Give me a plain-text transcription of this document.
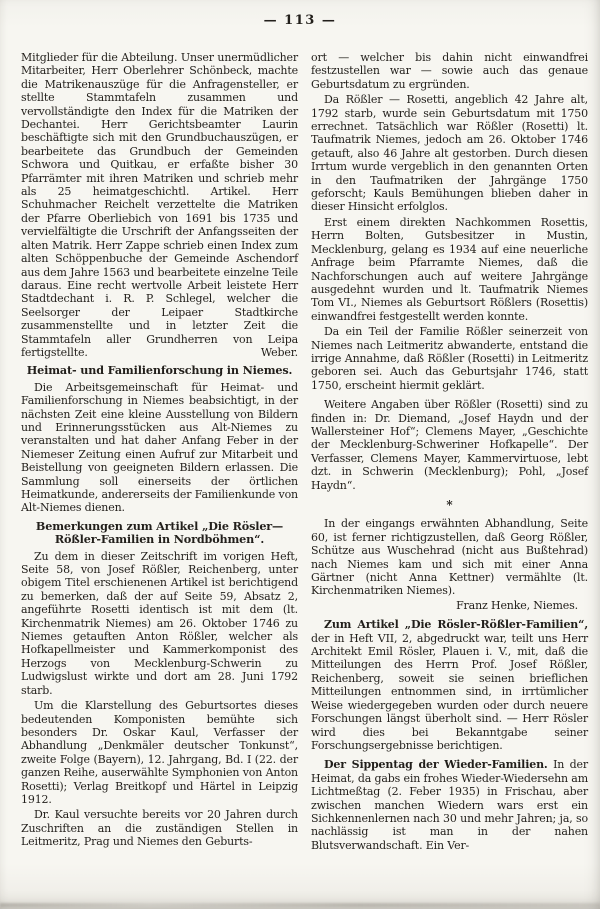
— 113 —

Mitglieder für die Abteilung. Unser unermüdlicher Mitarbeiter, Herr Oberlehrer Schönbeck, machte die Matrikenauszüge für die Anfragensteller, er stellte Stammtafeln zusammen und vervollständigte den Index für die Matriken der Dechantei. Herr Gerichtsbeamter Laurin beschäftigte sich mit den Grundbuchauszügen, er bearbeitete das Grundbuch der Gemeinden Schwora und Quitkau, er erfaßte bisher 30 Pfarrämter mit ihren Matriken und schrieb mehr als 25 heimatgeschichtl. Artikel. Herr Schuhmacher Reichelt verzettelte die Matriken der Pfarre Oberliebich von 1691 bis 1735 und vervielfältigte die Urschrift der Anfangsseiten der alten Matrik. Herr Zappe schrieb einen Index zum alten Schöppenbuche der Gemeinde Aschendorf aus dem Jahre 1563 und bearbeitete einzelne Teile daraus. Eine recht wertvolle Arbeit leistete Herr Stadtdechant i. R. P. Schlegel, welcher die Seelsorger der Leipaer Stadtkirche zusammenstellte und in letzter Zeit die Stammtafeln aller Grundherren von Leipa fertigstellte.	Weber.

Heimat- und Familienforschung in Niemes.

Die Arbeitsgemeinschaft für Heimat- und Familienforschung in Niemes beabsichtigt, in der nächsten Zeit eine kleine Ausstellung von Bildern und Erinnerungsstücken aus Alt-Niemes zu veranstalten und hat daher Anfang Feber in der Niemeser Zeitung einen Aufruf zur Mitarbeit und Beistellung von geeigneten Bildern erlassen. Die Sammlung soll einerseits der örtlichen Heimatkunde, andererseits der Familienkunde von Alt-Niemes dienen.

Bemerkungen zum Artikel „Die Rösler—
Rößler-Familien in Nordböhmen“.

Zu dem in dieser Zeitschrift im vorigen Heft, Seite 58, von Josef Rößler, Reichenberg, unter obigem Titel erschienenen Artikel ist berichtigend zu bemerken, daß der auf Seite 59, Absatz 2, angeführte Rosetti identisch ist mit dem (lt. Kirchenmatrik Niemes) am 26. Oktober 1746 zu Niemes getauften Anton Rößler, welcher als Hofkapellmeister und Kammerkomponist des Herzogs von Mecklenburg-Schwerin zu Ludwigslust wirkte und dort am 28. Juni 1792 starb.

Um die Klarstellung des Geburtsortes dieses bedeutenden Komponisten bemühte sich besonders Dr. Oskar Kaul, Verfasser der Abhandlung „Denkmäler deutscher Tonkunst“, zweite Folge (Bayern), 12. Jahrgang, Bd. I (22. der ganzen Reihe, auserwählte Symphonien von Anton Rosetti); Verlag Breitkopf und Härtel in Leipzig 1912.

Dr. Kaul versuchte bereits vor 20 Jahren durch Zuschriften an die zuständigen Stellen in Leitmeritz, Prag und Niemes den Geburts-

ort — welcher bis dahin nicht einwandfrei festzustellen war — sowie auch das genaue Geburtsdatum zu ergründen.

Da Rößler — Rosetti, angeblich 42 Jahre alt, 1792 starb, wurde sein Geburtsdatum mit 1750 errechnet. Tatsächlich war Rößler (Rosetti) lt. Taufmatrik Niemes, jedoch am 26. Oktober 1746 getauft, also 46 Jahre alt gestorben. Durch diesen Irrtum wurde vergeblich in den genannten Orten in den Taufmatriken der Jahrgänge 1750 geforscht; Kauls Bemühungen blieben daher in dieser Hinsicht erfolglos.

Erst einem direkten Nachkommen Rosettis, Herrn Bolten, Gutsbesitzer in Mustin, Mecklenburg, gelang es 1934 auf eine neuerliche Anfrage beim Pfarramte Niemes, daß die Nachforschungen auch auf weitere Jahrgänge ausgedehnt wurden und lt. Taufmatrik Niemes Tom VI., Niemes als Geburtsort Rößlers (Rosettis) einwandfrei festgestellt werden konnte.

Da ein Teil der Familie Rößler seinerzeit von Niemes nach Leitmeritz abwanderte, entstand die irrige Annahme, daß Rößler (Rosetti) in Leitmeritz geboren sei. Auch das Geburtsjahr 1746, statt 1750, erscheint hiermit geklärt.

Weitere Angaben über Rößler (Rosetti) sind zu finden in: Dr. Diemand, „Josef Haydn und der Wallersteiner Hof“; Clemens Mayer, „Geschichte der Mecklenburg-Schweriner Hofkapelle“. Der Verfasser, Clemens Mayer, Kammervirtuose, lebt dzt. in Schwerin (Mecklenburg); Pohl, „Josef Haydn“.

*

In der eingangs erwähnten Abhandlung, Seite 60, ist ferner richtigzustellen, daß Georg Rößler, Schütze aus Wuschehrad (nicht aus Bußtehrad) nach Niemes kam und sich mit einer Anna Gärtner (nicht Anna Kettner) vermählte (lt. Kirchenmatriken Niemes).

Franz Henke, Niemes.

Zum Artikel „Die Rösler-Rößler-Familien“, der in Heft VII, 2, abgedruckt war, teilt uns Herr Architekt Emil Rösler, Plauen i. V., mit, daß die Mitteilungen des Herrn Prof. Josef Rößler, Reichenberg, soweit sie seinen brieflichen Mitteilungen entnommen sind, in irrtümlicher Weise wiedergegeben wurden oder durch neuere Forschungen längst überholt sind. — Herr Rösler wird dies bei Bekanntgabe seiner Forschungsergebnisse berichtigen.

Der Sippentag der Wieder-Familien. In der Heimat, da gabs ein frohes Wieder-Wiedersehn am Lichtmeßtag (2. Feber 1935) in Frischau, aber zwischen manchen Wiedern wars erst ein Sichkennenlernen nach 30 und mehr Jahren; ja, so nachlässig ist man in der nahen Blutsverwandschaft. Ein Ver-
